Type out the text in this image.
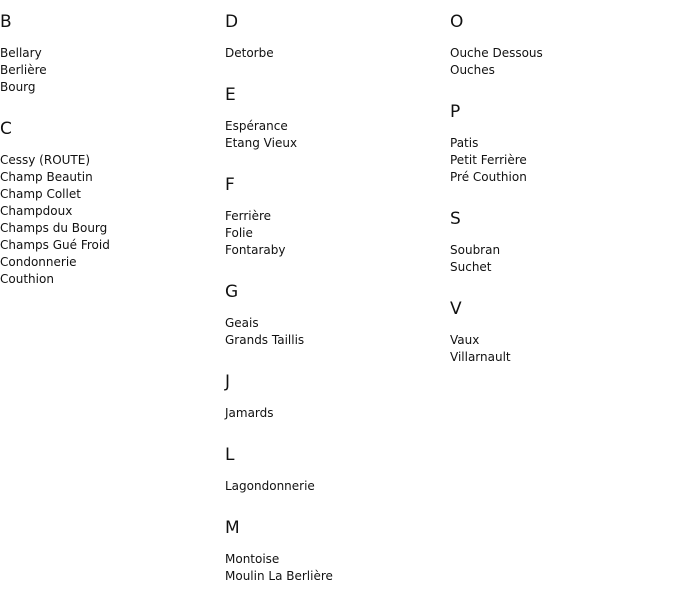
B
Bellary
Berlière
Bourg
C
Cessy (ROUTE)
Champ Beautin
Champ Collet
Champdoux
Champs du Bourg
Champs Gué Froid
Condonnerie
Couthion
D
Detorbe
E
Espérance
Etang Vieux
F
Ferrière
Folie
Fontaraby
G
Geais
Grands Taillis
J
Jamards
L
Lagondonnerie
M
Montoise
Moulin La Berlière
O
Ouche Dessous
Ouches
P
Patis
Petit Ferrière
Pré Couthion
S
Soubran
Suchet
V
Vaux
Villarnault
